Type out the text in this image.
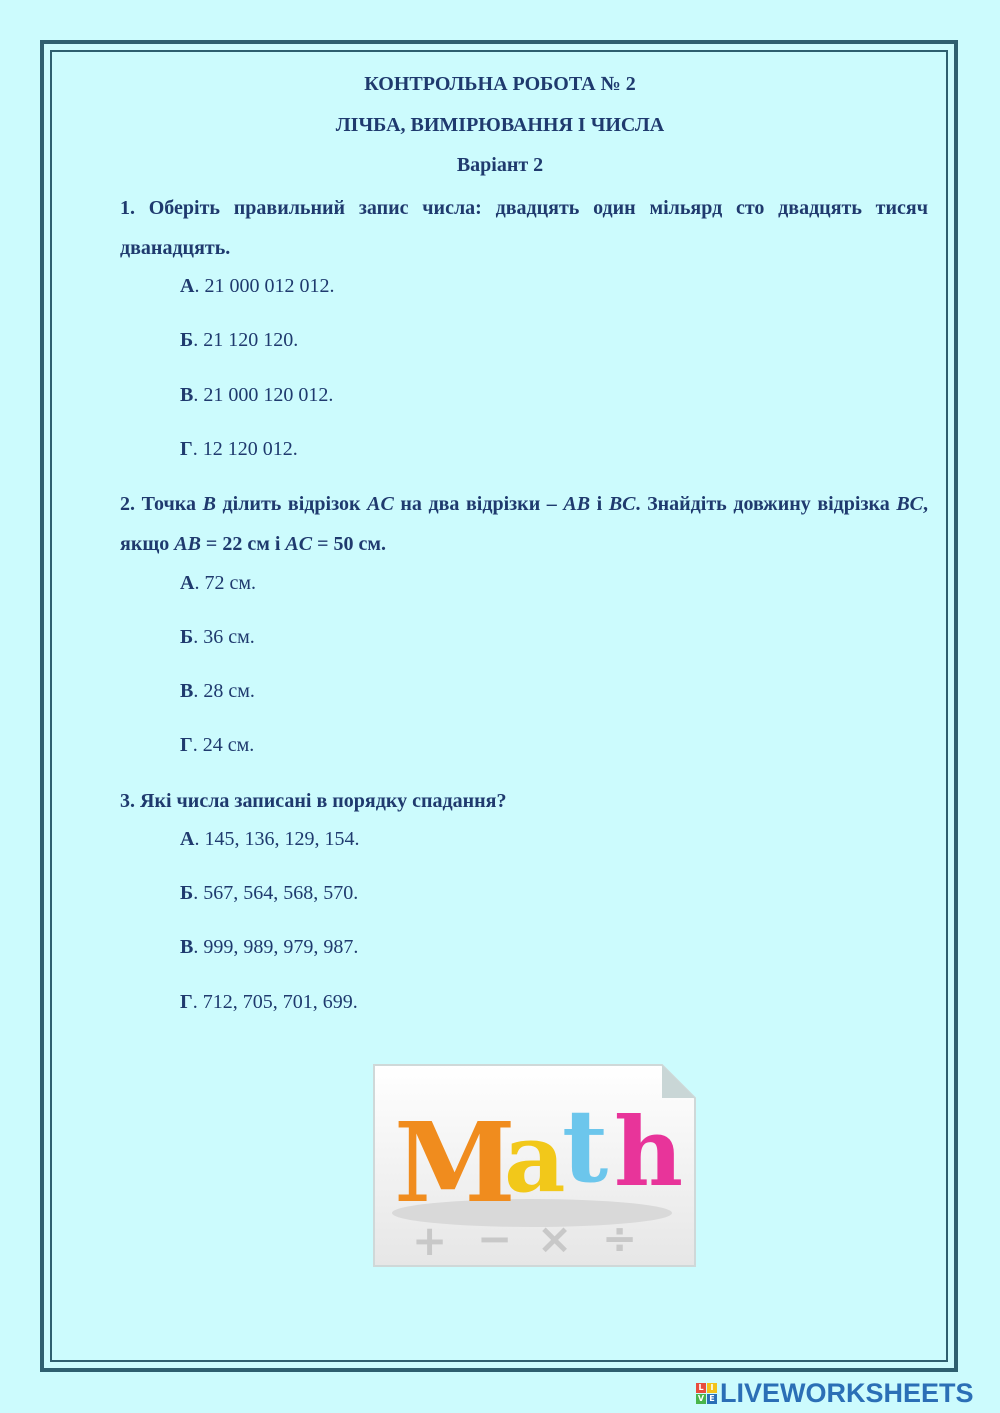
КОНТРОЛЬНА РОБОТА № 2
ЛІЧБА, ВИМІРЮВАННЯ І ЧИСЛА
Варіант 2
1. Оберіть правильний запис числа: двадцять один мільярд сто двадцять тисяч дванадцять.
А. 21 000 012 012.
Б. 21 120 120.
В. 21 000 120 012.
Г. 12 120 012.
2. Точка B ділить відрізок AC на два відрізки – AB і BC. Знайдіть довжину відрізка BC, якщо AB = 22 см і AC = 50 см.
А. 72 см.
Б. 36 см.
В. 28 см.
Г. 24 см.
3. Які числа записані в порядку спадання?
А. 145, 136, 129, 154.
Б. 567, 564, 568, 570.
В. 999, 989, 979, 987.
Г. 712, 705, 701, 699.
M
a
t h
+ − × ÷
L I
V E LIVEWORKSHEETS
